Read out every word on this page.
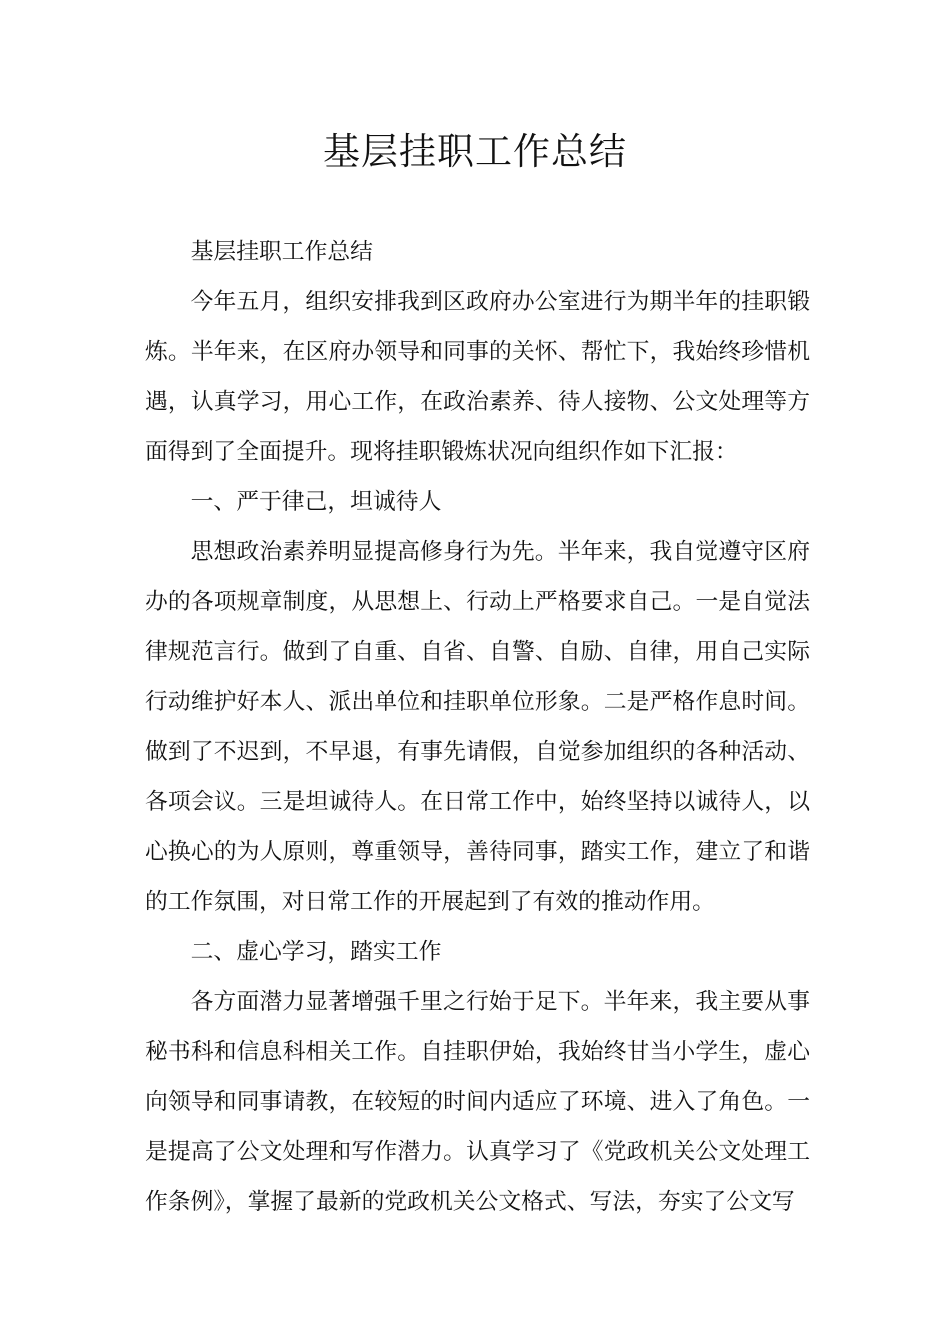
基层挂职工作总结

基层挂职工作总结

今年五月，组织安排我到区政府办公室进行为期半年的挂职锻炼。半年来，在区府办领导和同事的关怀、帮忙下，我始终珍惜机遇，认真学习，用心工作，在政治素养、待人接物、公文处理等方面得到了全面提升。现将挂职锻炼状况向组织作如下汇报：

一、严于律己，坦诚待人

思想政治素养明显提高修身行为先。半年来，我自觉遵守区府办的各项规章制度，从思想上、行动上严格要求自己。一是自觉法律规范言行。做到了自重、自省、自警、自励、自律，用自己实际行动维护好本人、派出单位和挂职单位形象。二是严格作息时间。做到了不迟到，不早退，有事先请假，自觉参加组织的各种活动、各项会议。三是坦诚待人。在日常工作中，始终坚持以诚待人，以心换心的为人原则，尊重领导，善待同事，踏实工作，建立了和谐的工作氛围，对日常工作的开展起到了有效的推动作用。

二、虚心学习，踏实工作

各方面潜力显著增强千里之行始于足下。半年来，我主要从事秘书科和信息科相关工作。自挂职伊始，我始终甘当小学生，虚心向领导和同事请教，在较短的时间内适应了环境、进入了角色。一是提高了公文处理和写作潜力。认真学习了《党政机关公文处理工作条例》，掌握了最新的党政机关公文格式、写法，夯实了公文写
